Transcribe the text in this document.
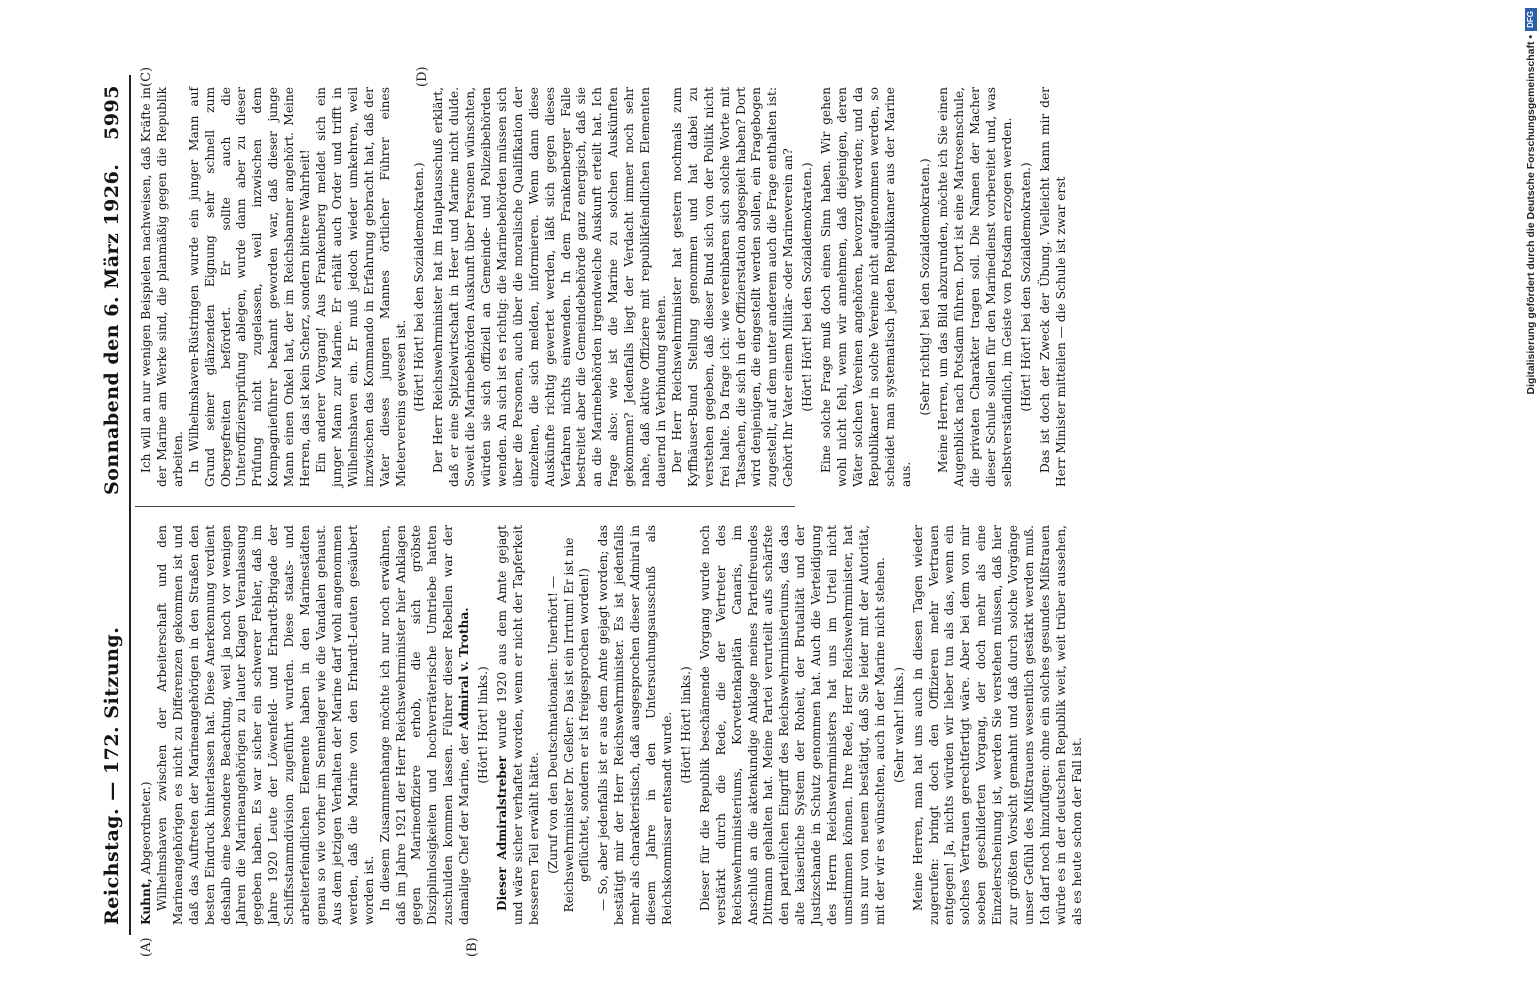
Reichstag. — 172. Sitzung.
Sonnabend den 6. März 1926.
5995
(A)	(B)
(C)	(D)

Kuhnt, Abgeordneter.) Wilhelmshaven zwischen der Arbeiterschaft und den Marineangehörigen es nicht zu Differenzen gekommen ist und daß das Auftreten der Marineangehörigen in den Straßen den besten Eindruck hinterlassen hat. Diese Anerkennung verdient deshalb eine besondere Beachtung, weil ja noch vor wenigen Jahren die Marineangehörigen zu lauter Klagen Veranlassung gegeben haben. Es war sicher ein schwerer Fehler, daß im Jahre 1920 Leute der Löwenfeld- und Erhardt-Brigade der Schiffsstammdivision zugeführt wurden. Diese staats- und arbeiterfeindlichen Elemente haben in den Marinestädten genau so wie vorher im Sennelager wie die Vandalen gehaust. Aus dem jetzigen Verhalten der Marine darf wohl angenommen werden, daß die Marine von den Erhardt-Leuten gesäubert worden ist. In diesem Zusammenhange möchte ich nur noch erwähnen, daß im Jahre 1921 der Herr Reichswehrminister hier Anklagen gegen Marineoffiziere erhob, die sich gröbste Disziplinlosigkeiten und hochverräterische Umtriebe hatten zuschulden kommen lassen. Führer dieser Rebellen war der damalige Chef der Marine, der Admiral v. Trotha. (Hört! Hört! links.)

Dieser Admiralstreber wurde 1920 aus dem Amte gejagt und wäre sicher verhaftet worden, wenn er nicht der Tapferkeit besseren Teil erwählt hätte. (Zuruf von den Deutschnationalen: Unerhört! — Reichswehrminister Dr. Geßler: Das ist ein Irrtum! Er ist nie geflüchtet, sondern er ist freigesprochen worden!) — So, aber jedenfalls ist er aus dem Amte gejagt worden; das bestätigt mir der Herr Reichswehrminister. Es ist jedenfalls mehr als charakteristisch, daß ausgesprochen dieser Admiral in diesem Jahre in den Untersuchungsausschuß als Reichskommissar entsandt wurde. (Hört! Hört! links.) Dieser für die Republik beschämende Vorgang wurde noch verstärkt durch die Rede, die der Vertreter des Reichswehrministeriums, Korvettenkapitän Canaris, im Anschluß an die aktenkundige Anklage meines Parteifreundes Dittmann gehalten hat. Meine Partei verurteilt aufs schärfste den parteilichen Eingriff des Reichswehrministeriums, das das alte kaiserliche System der Roheit, der Brutalität und der Justizschande in Schutz genommen hat. Auch die Verteidigung des Herrn Reichswehrministers hat uns im Urteil nicht umstimmen können. Ihre Rede, Herr Reichswehrminister, hat uns nur von neuem bestätigt, daß Sie leider mit der Autorität, mit der wir es wünschten, auch in der Marine nicht stehen. (Sehr wahr! links.) Meine Herren, man hat uns auch in diesen Tagen wieder zugerufen: bringt doch den Offizieren mehr Vertrauen entgegen! Ja, nichts würden wir lieber tun als das, wenn ein solches Vertrauen gerechtfertigt wäre. Aber bei dem von mir soeben geschilderten Vorgang, der doch mehr als eine Einzelerscheinung ist, werden Sie verstehen müssen, daß hier zur größten Vorsicht gemahnt und daß durch solche Vorgänge unser Gefühl des Mißtrauens wesentlich gestärkt werden muß. Ich darf noch hinzufügen: ohne ein solches gesundes Mißtrauen würde es in der deutschen Republik weit, weit trüber aussehen, als es heute schon der Fall ist.

Ich will an nur wenigen Beispielen nachweisen, daß Kräfte in der Marine am Werke sind, die planmäßig gegen die Republik arbeiten. In Wilhelmshaven-Rüstringen wurde ein junger Mann auf Grund seiner glänzenden Eignung sehr schnell zum Obergefreiten befördert. Er sollte auch die Unteroffiziersprüfung ablegen, wurde dann aber zu dieser Prüfung nicht zugelassen, weil inzwischen dem Kompagnieführer bekannt geworden war, daß dieser junge Mann einen Onkel hat, der im Reichsbanner angehört. Meine Herren, das ist kein Scherz, sondern bittere Wahrheit! Ein anderer Vorgang! Aus Frankenberg meldet sich ein junger Mann zur Marine. Er erhält auch Order und trifft in Wilhelmshaven ein. Er muß jedoch wieder umkehren, weil inzwischen das Kommando in Erfahrung gebracht hat, daß der Vater dieses jungen Mannes örtlicher Führer eines Mietervereins gewesen ist. (Hört! Hört! bei den Sozialdemokraten.) Der Herr Reichswehrminister hat im Hauptausschuß erklärt, daß er eine Spitzelwirtschaft in Heer und Marine nicht dulde. Soweit die Marinebehörden Auskunft über Personen wünschten, würden sie sich offiziell an Gemeinde- und Polizeibehörden wenden. An sich ist es richtig: die Marinebehörden müssen sich über die Personen, auch über die moralische Qualifikation der einzelnen, die sich melden, informieren. Wenn dann diese Auskünfte richtig gewertet werden, läßt sich gegen dieses Verfahren nichts einwenden. In dem Frankenberger Falle bestreitet aber die Gemeindebehörde ganz energisch, daß sie an die Marinebehörden irgendwelche Auskunft erteilt hat. Ich frage also: wie ist die Marine zu solchen Auskünften gekommen? Jedenfalls liegt der Verdacht immer noch sehr nahe, daß aktive Offiziere mit republikfeindlichen Elementen dauernd in Verbindung stehen. Der Herr Reichswehrminister hat gestern nochmals zum Kyffhäuser-Bund Stellung genommen und hat dabei zu verstehen gegeben, daß dieser Bund sich von der Politik nicht frei halte. Da frage ich: wie vereinbaren sich solche Worte mit Tatsachen, die sich in der Offizierstation abgespielt haben? Dort wird denjenigen, die eingestellt werden sollen, ein Fragebogen zugestellt, auf dem unter anderem auch die Frage enthalten ist: Gehört Ihr Vater einem Militär- oder Marineverein an? (Hört! Hört! bei den Sozialdemokraten.) Eine solche Frage muß doch einen Sinn haben. Wir gehen wohl nicht fehl, wenn wir annehmen, daß diejenigen, deren Väter solchen Vereinen angehören, bevorzugt werden; und da Republikaner in solche Vereine nicht aufgenommen werden, so scheidet man systematisch jeden Republikaner aus der Marine aus.

(Sehr richtig! bei den Sozialdemokraten.) Meine Herren, um das Bild abzurunden, möchte ich Sie einen Augenblick nach Potsdam führen. Dort ist eine Matrosenschule, die privaten Charakter tragen soll. Die Namen der Macher dieser Schule sollen für den Marinedienst vorbereitet und, was selbstverständlich, im Geiste von Potsdam erzogen werden. (Hört! Hört! bei den Sozialdemokraten.) Das ist doch der Zweck der Übung. Vielleicht kann mir der Herr Minister mitteilen — die Schule ist zwar erst	Digitalisierung gefördert durch die Deutsche Forschungsgemeinschaft •
DFG
